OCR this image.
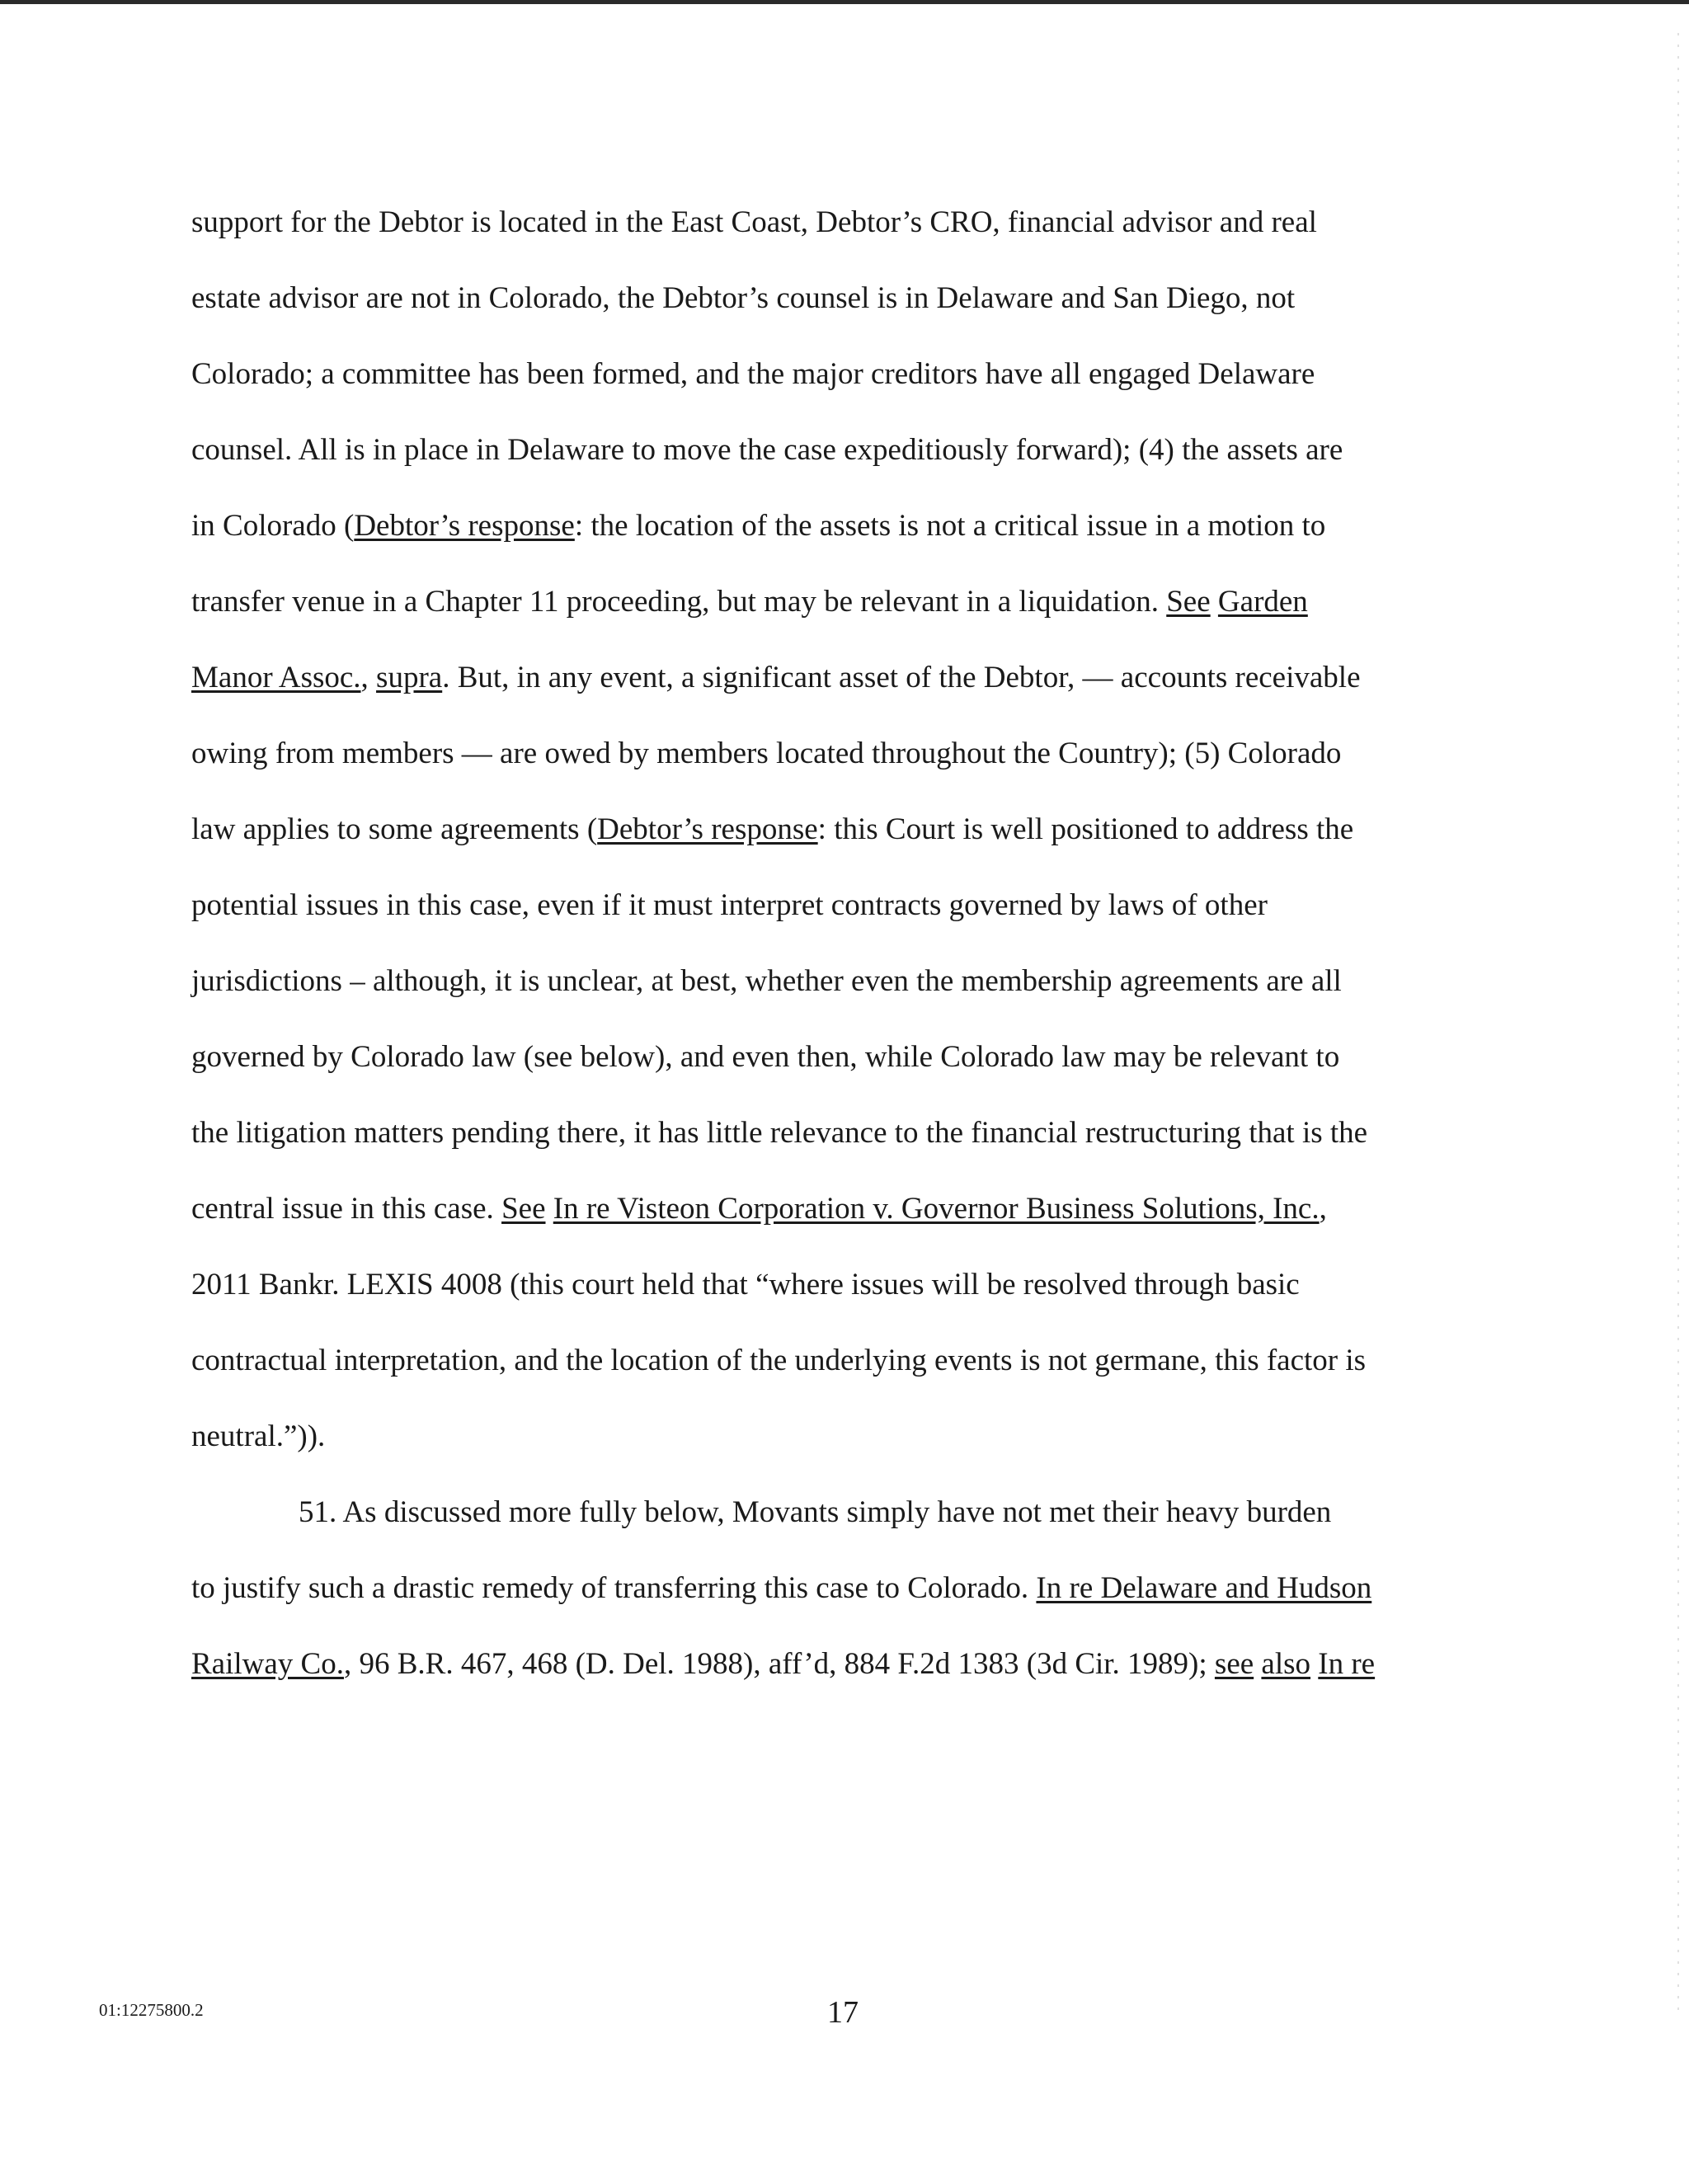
support for the Debtor is located in the East Coast, Debtor’s CRO, financial advisor and real
estate advisor are not in Colorado, the Debtor’s counsel is in Delaware and San Diego, not
Colorado; a committee has been formed, and the major creditors have all engaged Delaware
counsel. All is in place in Delaware to move the case expeditiously forward); (4) the assets are
in Colorado (Debtor’s response: the location of the assets is not a critical issue in a motion to
transfer venue in a Chapter 11 proceeding, but may be relevant in a liquidation. See Garden
Manor Assoc., supra. But, in any event, a significant asset of the Debtor, — accounts receivable
owing from members — are owed by members located throughout the Country); (5) Colorado
law applies to some agreements (Debtor’s response: this Court is well positioned to address the
potential issues in this case, even if it must interpret contracts governed by laws of other
jurisdictions – although, it is unclear, at best, whether even the membership agreements are all
governed by Colorado law (see below), and even then, while Colorado law may be relevant to
the litigation matters pending there, it has little relevance to the financial restructuring that is the
central issue in this case. See In re Visteon Corporation v. Governor Business Solutions, Inc.,
2011 Bankr. LEXIS 4008 (this court held that “where issues will be resolved through basic
contractual interpretation, and the location of the underlying events is not germane, this factor is
neutral.”)).
51. As discussed more fully below, Movants simply have not met their heavy burden
to justify such a drastic remedy of transferring this case to Colorado. In re Delaware and Hudson
Railway Co., 96 B.R. 467, 468 (D. Del. 1988), aff’d, 884 F.2d 1383 (3d Cir. 1989); see also In re
01:12275800.2	17
